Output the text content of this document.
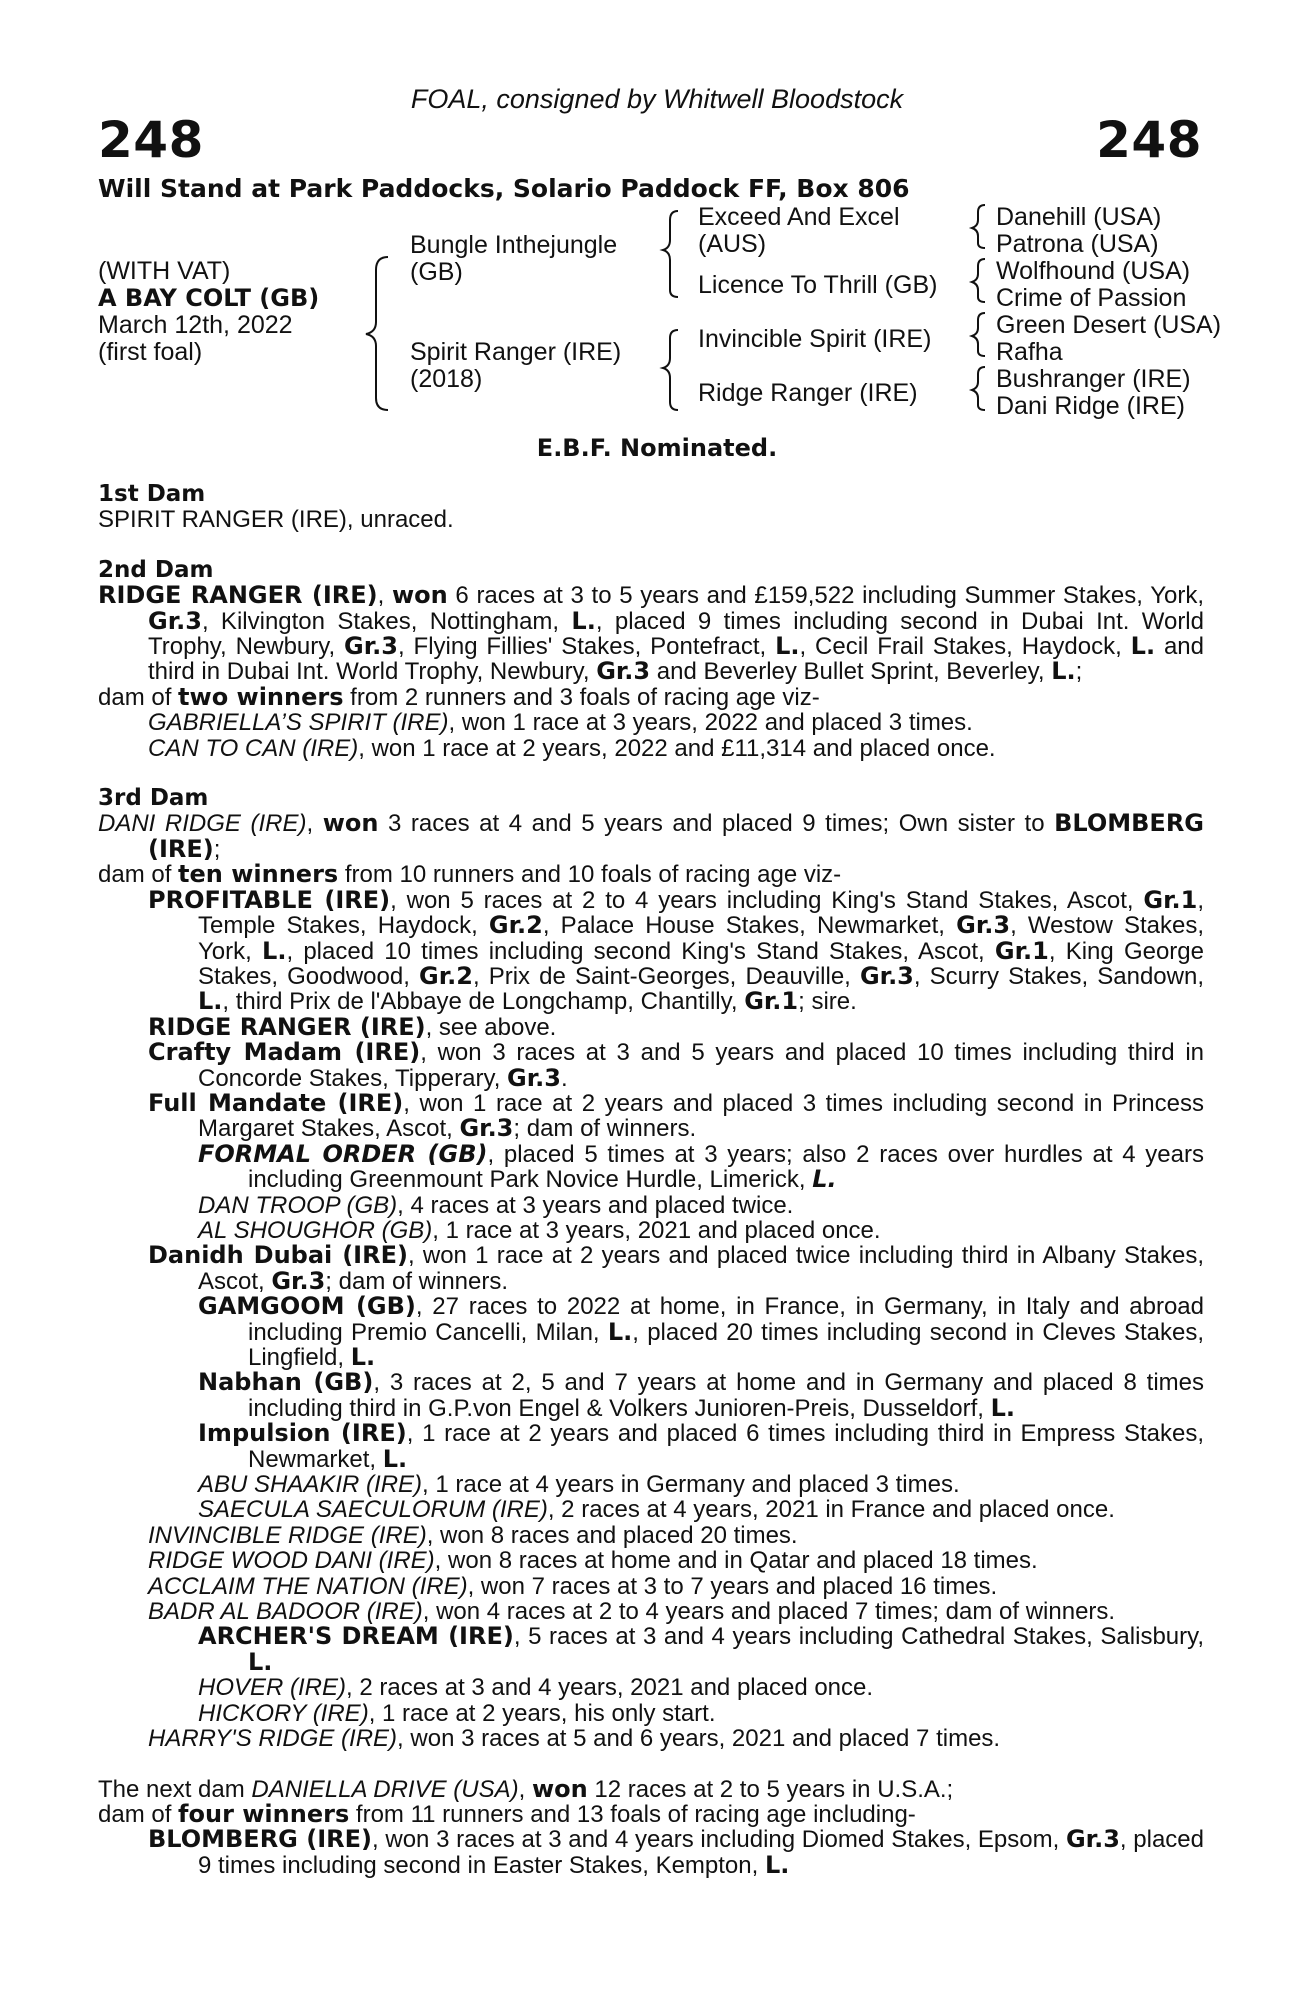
FOAL, consigned by Whitwell Bloodstock
248	248
Will Stand at Park Paddocks, Solario Paddock FF, Box 806
(WITH VAT)
A BAY COLT (GB)
March 12th, 2022
(first foal)
Bungle Inthejungle
(GB)
Spirit Ranger (IRE)
(2018)
Exceed And Excel
(AUS)
Licence To Thrill (GB)
Invincible Spirit (IRE)
Ridge Ranger (IRE)
Danehill (USA)
Patrona (USA)
Wolfhound (USA)
Crime of Passion
Green Desert (USA)
Rafha
Bushranger (IRE)
Dani Ridge (IRE)
E.B.F. Nominated.

1st Dam

SPIRIT RANGER (IRE), unraced.

2nd Dam

RIDGE RANGER (IRE), won 6 races at 3 to 5 years and £159,522 including Summer Stakes, York, Gr.3, Kilvington Stakes, Nottingham, L., placed 9 times including second in Dubai Int. World Trophy, Newbury, Gr.3, Flying Fillies' Stakes, Pontefract, L., Cecil Frail Stakes, Haydock, L. and third in Dubai Int. World Trophy, Newbury, Gr.3 and Beverley Bullet Sprint, Beverley, L.;

dam of two winners from 2 runners and 3 foals of racing age viz-

GABRIELLA’S SPIRIT (IRE), won 1 race at 3 years, 2022 and placed 3 times.

CAN TO CAN (IRE), won 1 race at 2 years, 2022 and £11,314 and placed once.

3rd Dam

DANI RIDGE (IRE), won 3 races at 4 and 5 years and placed 9 times; Own sister to BLOMBERG (IRE);

dam of ten winners from 10 runners and 10 foals of racing age viz-

PROFITABLE (IRE), won 5 races at 2 to 4 years including King's Stand Stakes, Ascot, Gr.1, Temple Stakes, Haydock, Gr.2, Palace House Stakes, Newmarket, Gr.3, Westow Stakes, York, L., placed 10 times including second King's Stand Stakes, Ascot, Gr.1, King George Stakes, Goodwood, Gr.2, Prix de Saint-Georges, Deauville, Gr.3, Scurry Stakes, Sandown, L., third Prix de l'Abbaye de Longchamp, Chantilly, Gr.1; sire.

RIDGE RANGER (IRE), see above.

Crafty Madam (IRE), won 3 races at 3 and 5 years and placed 10 times including third in Concorde Stakes, Tipperary, Gr.3.

Full Mandate (IRE), won 1 race at 2 years and placed 3 times including second in Princess Margaret Stakes, Ascot, Gr.3; dam of winners.

FORMAL ORDER (GB), placed 5 times at 3 years; also 2 races over hurdles at 4 years including Greenmount Park Novice Hurdle, Limerick, L.

DAN TROOP (GB), 4 races at 3 years and placed twice.

AL SHOUGHOR (GB), 1 race at 3 years, 2021 and placed once.

Danidh Dubai (IRE), won 1 race at 2 years and placed twice including third in Albany Stakes, Ascot, Gr.3; dam of winners.

GAMGOOM (GB), 27 races to 2022 at home, in France, in Germany, in Italy and abroad including Premio Cancelli, Milan, L., placed 20 times including second in Cleves Stakes, Lingfield, L.

Nabhan (GB), 3 races at 2, 5 and 7 years at home and in Germany and placed 8 times including third in G.P.von Engel & Volkers Junioren-Preis, Dusseldorf, L.

Impulsion (IRE), 1 race at 2 years and placed 6 times including third in Empress Stakes, Newmarket, L.

ABU SHAAKIR (IRE), 1 race at 4 years in Germany and placed 3 times.

SAECULA SAECULORUM (IRE), 2 races at 4 years, 2021 in France and placed once.

INVINCIBLE RIDGE (IRE), won 8 races and placed 20 times.

RIDGE WOOD DANI (IRE), won 8 races at home and in Qatar and placed 18 times.

ACCLAIM THE NATION (IRE), won 7 races at 3 to 7 years and placed 16 times.

BADR AL BADOOR (IRE), won 4 races at 2 to 4 years and placed 7 times; dam of winners.

ARCHER'S DREAM (IRE), 5 races at 3 and 4 years including Cathedral Stakes, Salisbury, L.

HOVER (IRE), 2 races at 3 and 4 years, 2021 and placed once.

HICKORY (IRE), 1 race at 2 years, his only start.

HARRY'S RIDGE (IRE), won 3 races at 5 and 6 years, 2021 and placed 7 times.

The next dam DANIELLA DRIVE (USA), won 12 races at 2 to 5 years in U.S.A.;

dam of four winners from 11 runners and 13 foals of racing age including-

BLOMBERG (IRE), won 3 races at 3 and 4 years including Diomed Stakes, Epsom, Gr.3, placed 9 times including second in Easter Stakes, Kempton, L.
